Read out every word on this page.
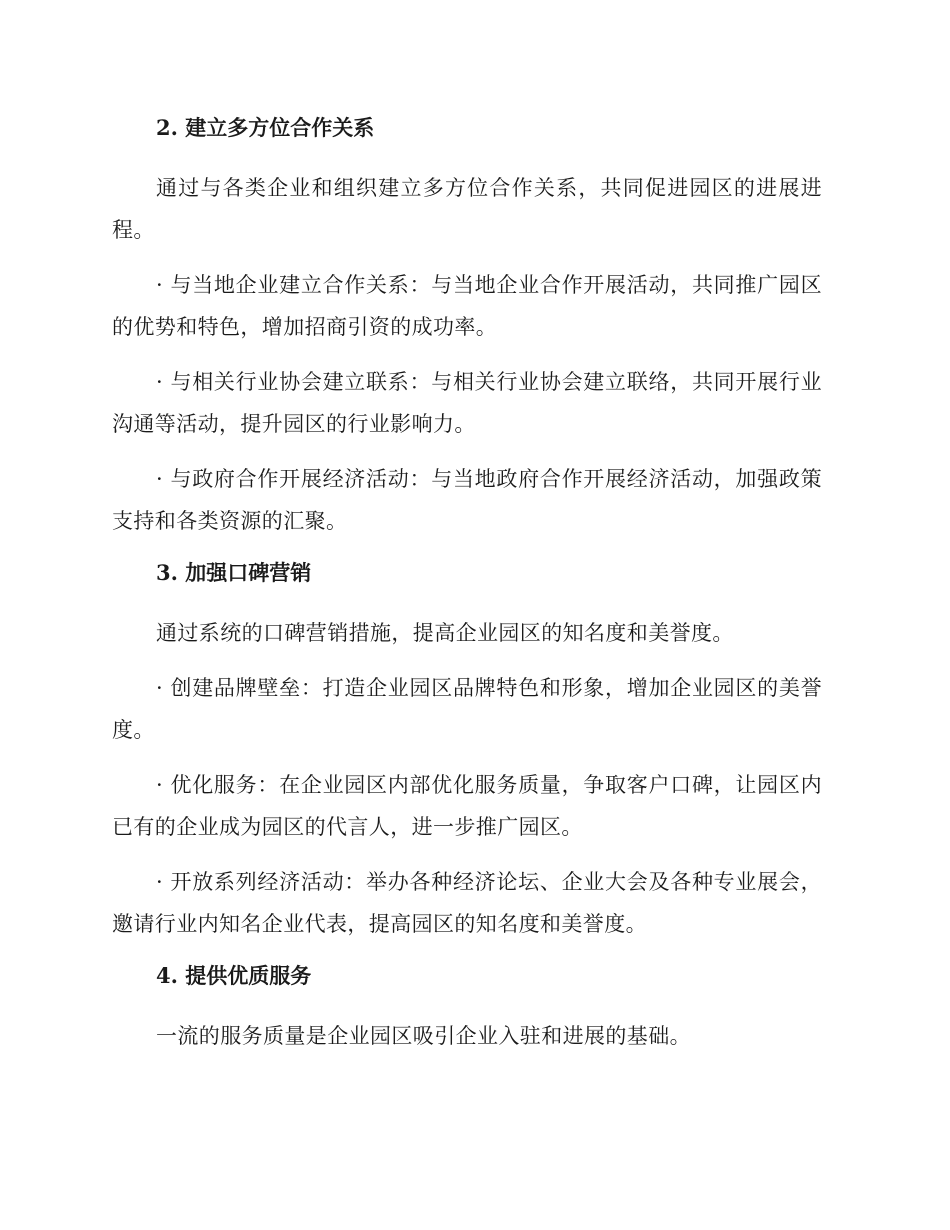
2. 建立多方位合作关系

通过与各类企业和组织建立多方位合作关系，共同促进园区的进展进程。

· 与当地企业建立合作关系：与当地企业合作开展活动，共同推广园区的优势和特色，增加招商引资的成功率。

· 与相关行业协会建立联系：与相关行业协会建立联络，共同开展行业沟通等活动，提升园区的行业影响力。

· 与政府合作开展经济活动：与当地政府合作开展经济活动，加强政策支持和各类资源的汇聚。

3. 加强口碑营销

通过系统的口碑营销措施，提高企业园区的知名度和美誉度。

· 创建品牌壁垒：打造企业园区品牌特色和形象，增加企业园区的美誉度。

· 优化服务：在企业园区内部优化服务质量，争取客户口碑，让园区内已有的企业成为园区的代言人，进一步推广园区。

· 开放系列经济活动：举办各种经济论坛、企业大会及各种专业展会，邀请行业内知名企业代表，提高园区的知名度和美誉度。

4. 提供优质服务

一流的服务质量是企业园区吸引企业入驻和进展的基础。
